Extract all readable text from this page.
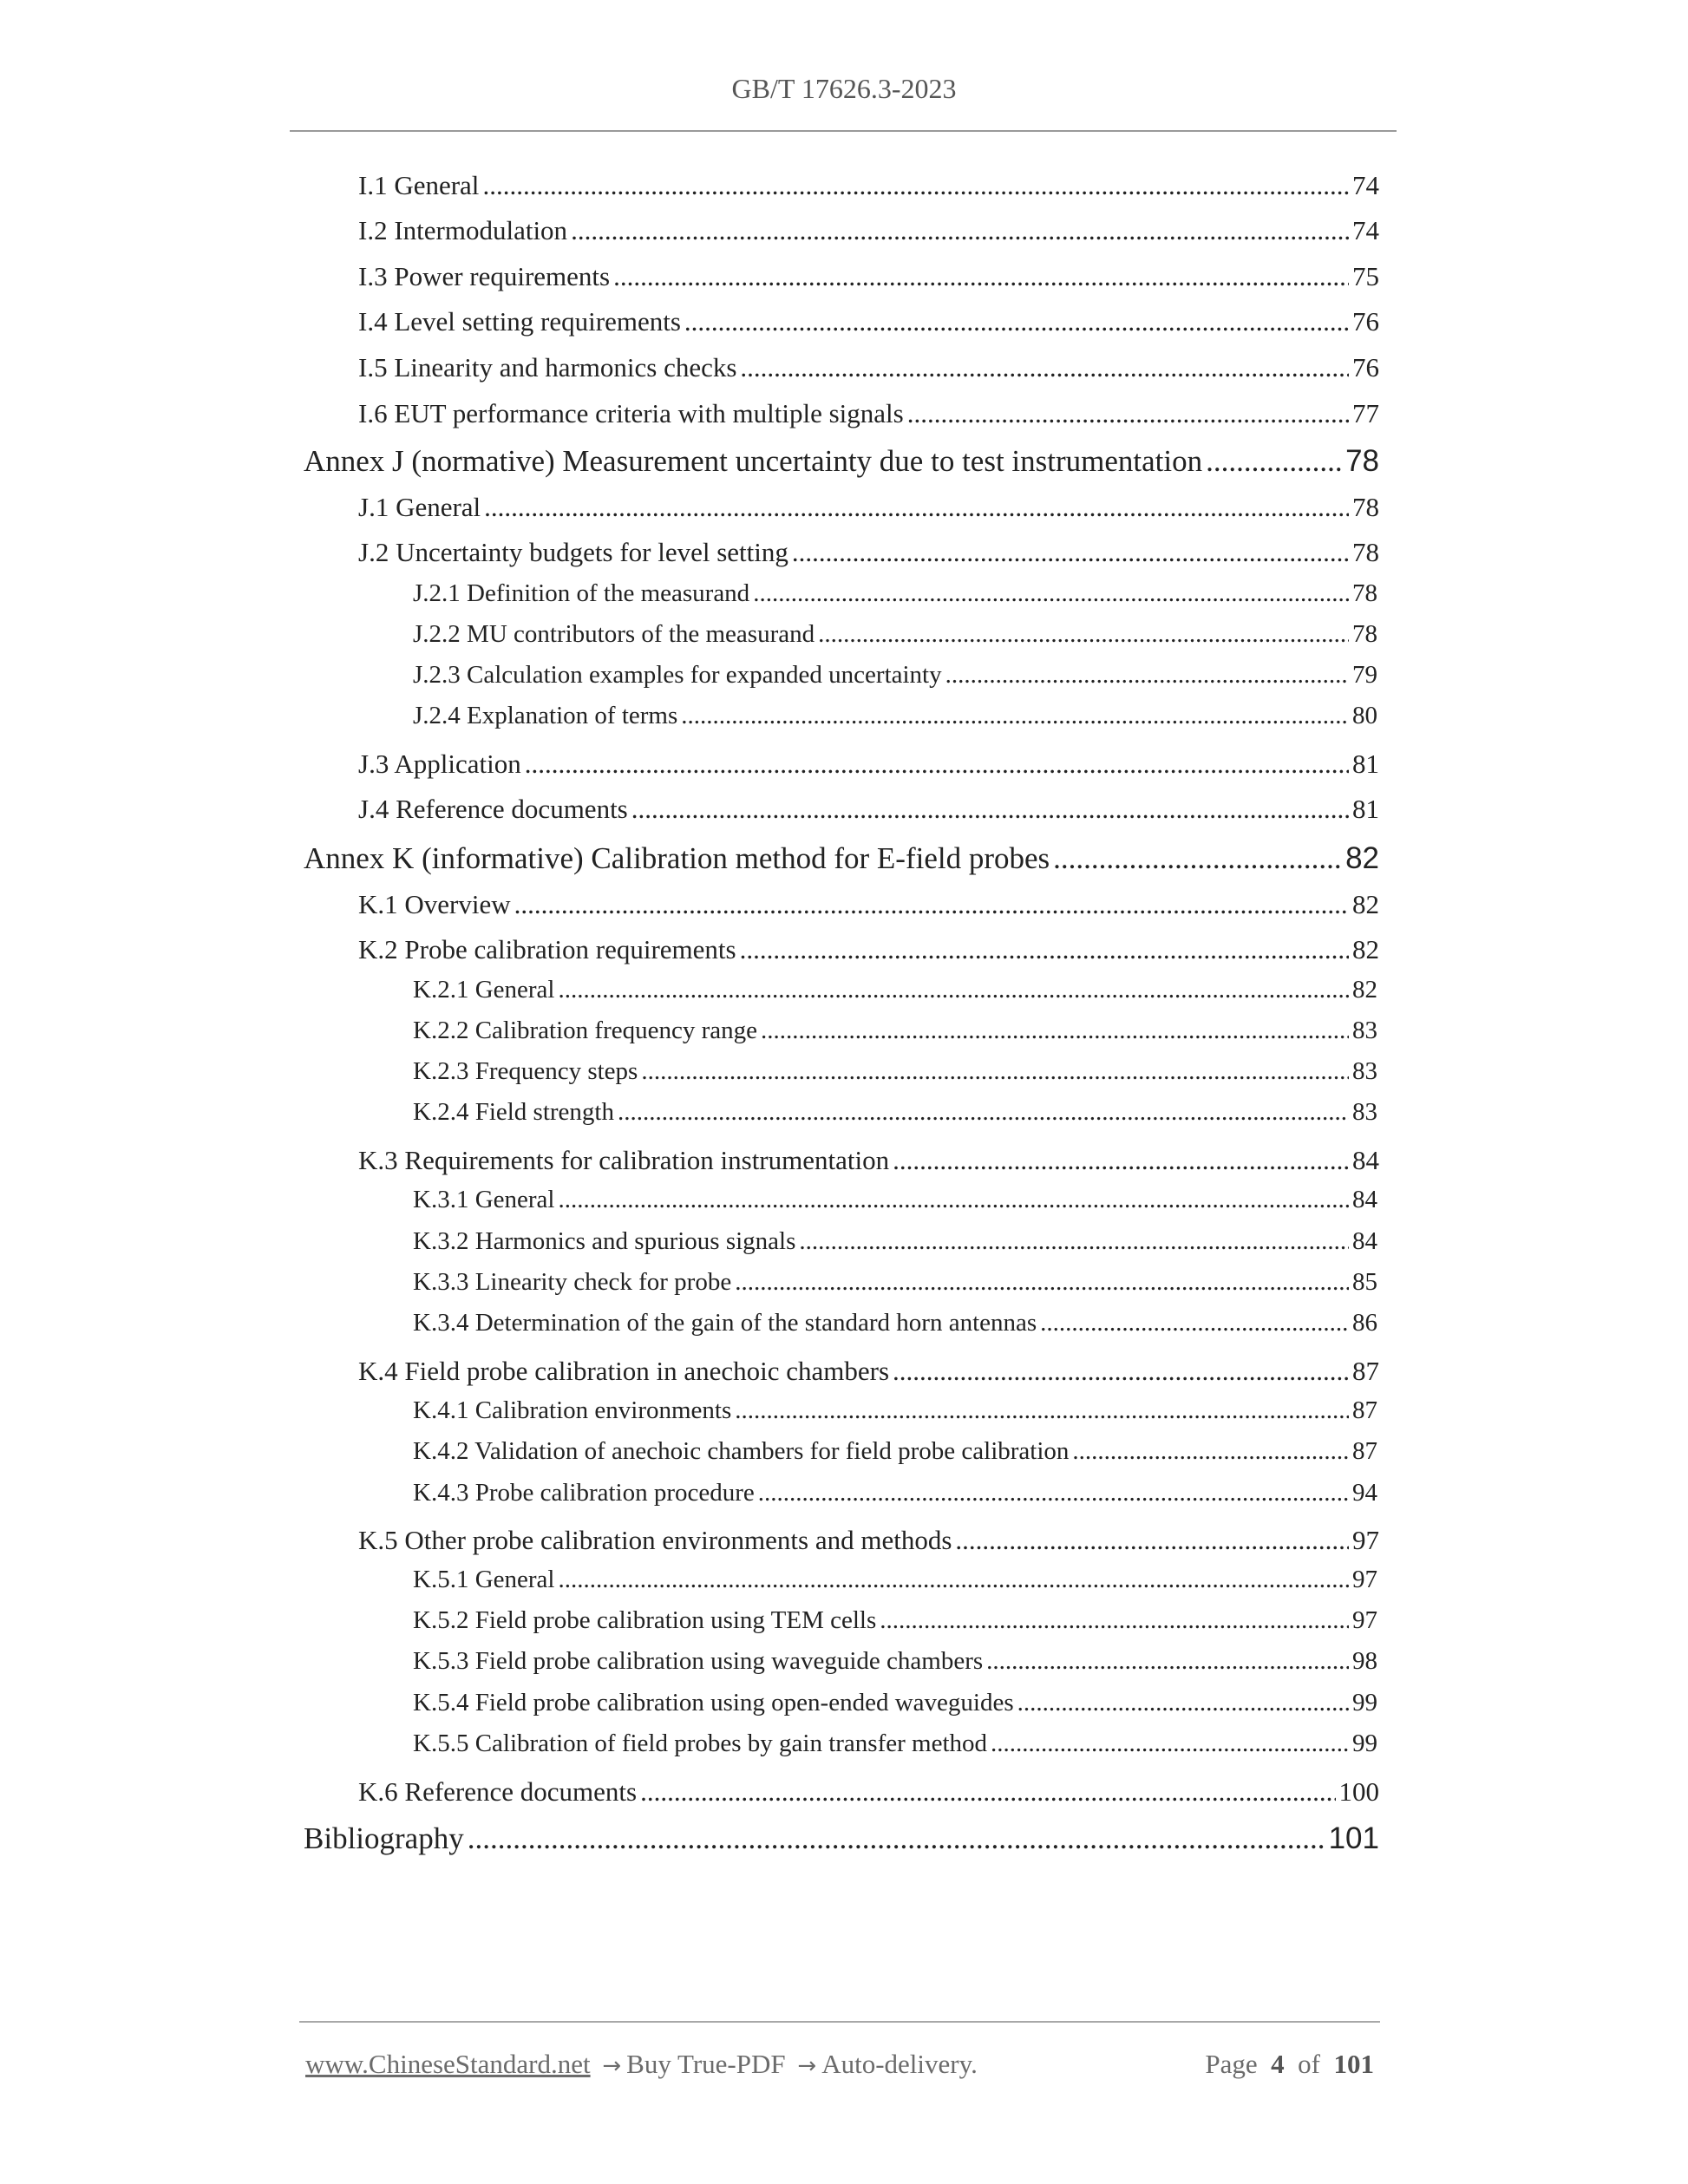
GB/T 17626.3-2023
I.1 General .....	74
I.2 Intermodulation .....	74
I.3 Power requirements .....	75
I.4 Level setting requirements .....	76
I.5 Linearity and harmonics checks .....	76
I.6 EUT performance criteria with multiple signals .....	77
Annex J (normative) Measurement uncertainty due to test instrumentation .....	78
J.1 General .....	78
J.2 Uncertainty budgets for level setting .....	78
J.2.1 Definition of the measurand .....	78
J.2.2 MU contributors of the measurand .....	78
J.2.3 Calculation examples for expanded uncertainty .....	79
J.2.4 Explanation of terms .....	80
J.3 Application .....	81
J.4 Reference documents .....	81
Annex K (informative) Calibration method for E-field probes .....	82
K.1 Overview .....	82
K.2 Probe calibration requirements .....	82
K.2.1 General .....	82
K.2.2 Calibration frequency range .....	83
K.2.3 Frequency steps .....	83
K.2.4 Field strength .....	83
K.3 Requirements for calibration instrumentation .....	84
K.3.1 General .....	84
K.3.2 Harmonics and spurious signals .....	84
K.3.3 Linearity check for probe .....	85
K.3.4 Determination of the gain of the standard horn antennas .....	86
K.4 Field probe calibration in anechoic chambers .....	87
K.4.1 Calibration environments .....	87
K.4.2 Validation of anechoic chambers for field probe calibration .....	87
K.4.3 Probe calibration procedure .....	94
K.5 Other probe calibration environments and methods .....	97
K.5.1 General .....	97
K.5.2 Field probe calibration using TEM cells .....	97
K.5.3 Field probe calibration using waveguide chambers .....	98
K.5.4 Field probe calibration using open-ended waveguides .....	99
K.5.5 Calibration of field probes by gain transfer method .....	99
K.6 Reference documents .....	100
Bibliography .....	101
www.ChineseStandard.net → Buy True-PDF → Auto-delivery.	Page 4 of 101
